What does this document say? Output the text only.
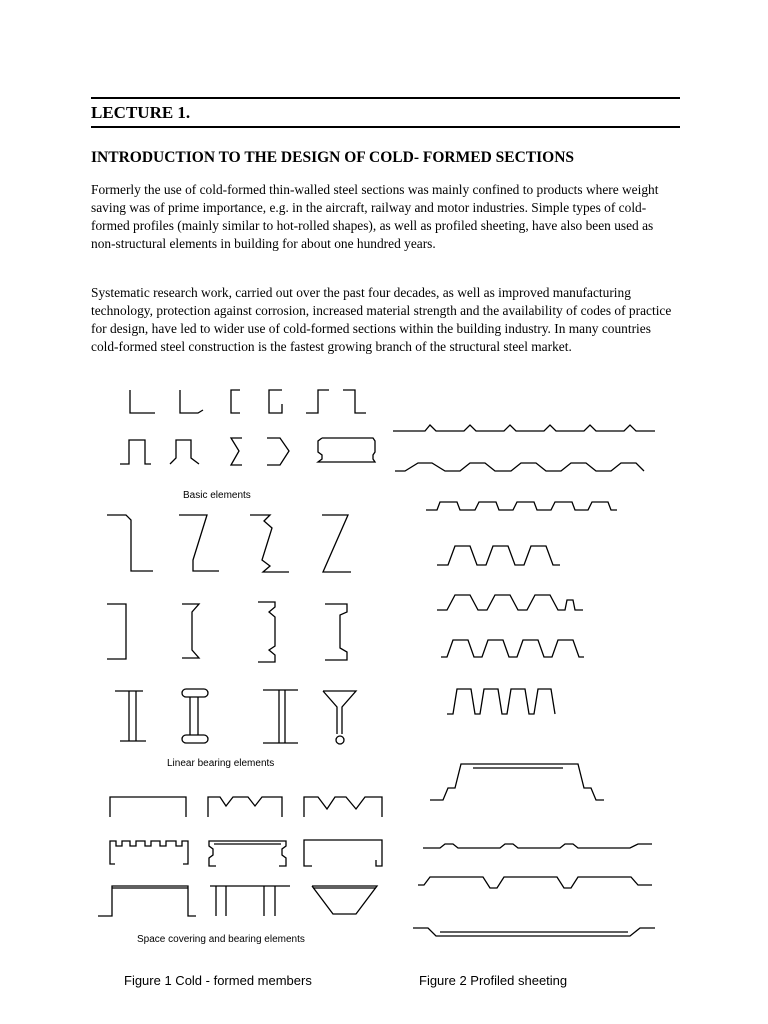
LECTURE 1.
INTRODUCTION TO THE DESIGN OF COLD- FORMED SECTIONS

Formerly the use of cold-formed thin-walled steel sections was mainly confined to products where weight saving was of prime importance, e.g. in the aircraft, railway and motor industries. Simple types of cold-formed profiles (mainly similar to hot-rolled shapes), as well as profiled sheeting, have also been used as non-structural elements in building for about one hundred years.

Systematic research work, carried out over the past four decades, as well as improved manufacturing technology, protection against corrosion, increased material strength and the availability of codes of practice for design, have led to wider use of cold-formed sections within the building industry. In many countries cold-formed steel construction is the fastest growing branch of the structural steel market.

Basic elements
Linear bearing elements
Space covering and bearing elements
Figure 1 Cold - formed members	Figure 2 Profiled sheeting
